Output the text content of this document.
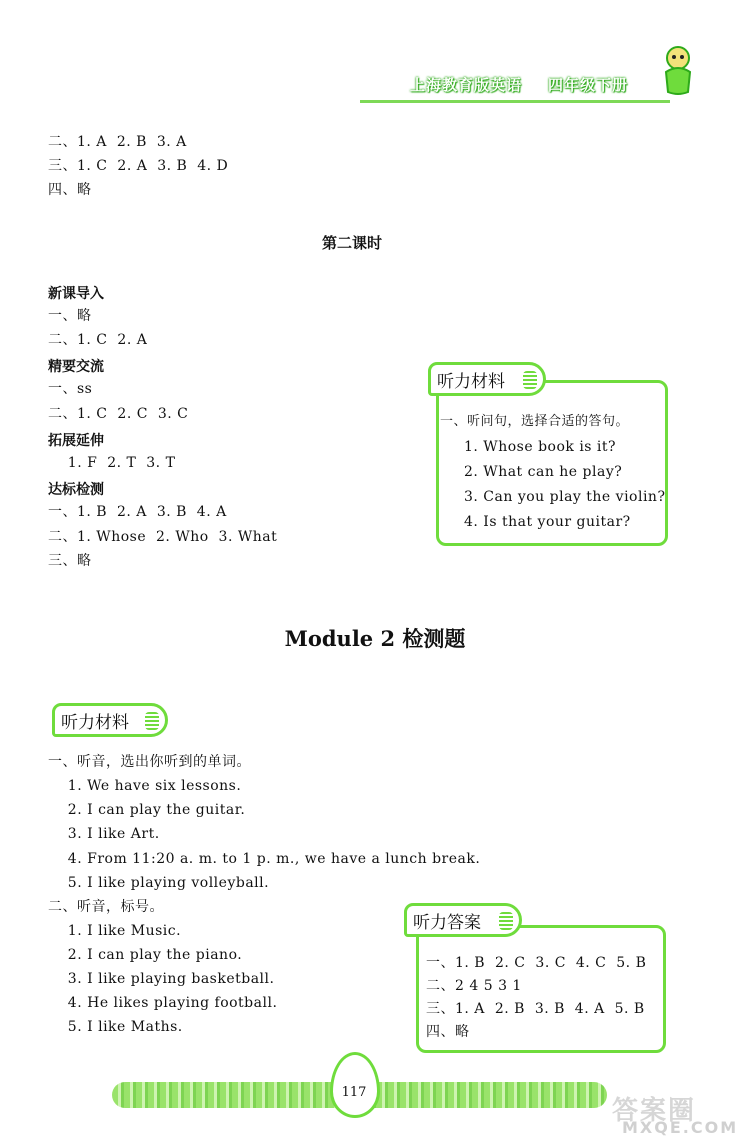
上海教育版英语 四年级下册
二、1. A  2. B  3. A
三、1. C  2. A  3. B  4. D
四、略
第二课时
新课导入
一、略
二、1. C  2. A
精要交流
一、ss
二、1. C  2. C  3. C
拓展延伸
1. F  2. T  3. T
达标检测
一、1. B  2. A  3. B  4. A
二、1. Whose  2. Who  3. What
三、略
听力材料
一、听问句，选择合适的答句。
1. Whose book is it?
2. What can he play?
3. Can you play the violin?
4. Is that your guitar?
Module 2 检测题
听力材料
一、听音，选出你听到的单词。
1. We have six lessons.
2. I can play the guitar.
3. I like Art.
4. From 11:20 a. m. to 1 p. m., we have a lunch break.
5. I like playing volleyball.
二、听音，标号。
1. I like Music.
2. I can play the piano.
3. I like playing basketball.
4. He likes playing football.
5. I like Maths.
听力答案
一、1. B  2. C  3. C  4. C  5. B
二、2 4 5 3 1
三、1. A  2. B  3. B  4. A  5. B
四、略
117
答案圈
MXQE.COM
